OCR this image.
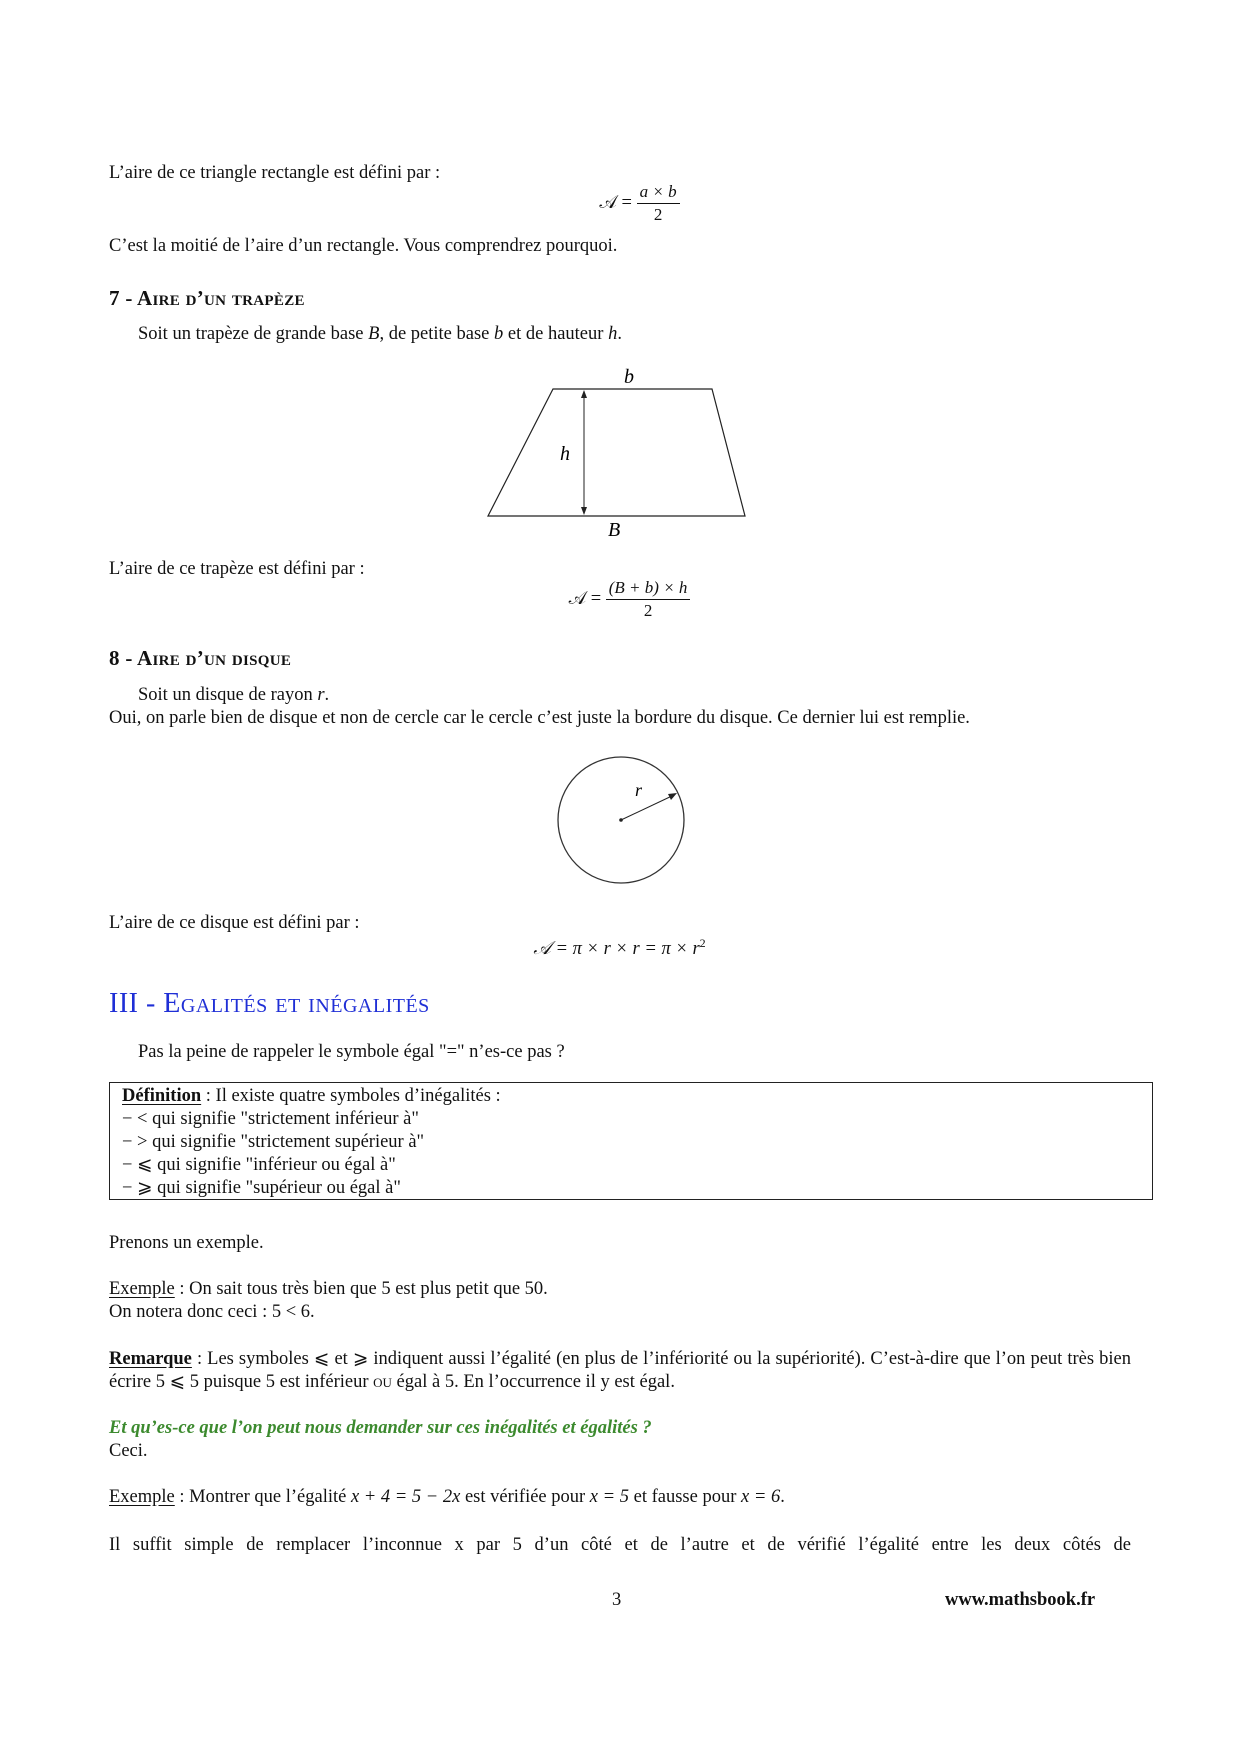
L’aire de ce triangle rectangle est défini par :
𝒜 = $\frac{a \times b}{2}$
C’est la moitié de l’aire d’un rectangle. Vous comprendrez pourquoi.
7 - Aire d’un trapèze
Soit un trapèze de grande base B, de petite base b et de hauteur h.
b
h
B
r
L’aire de ce trapèze est défini par :
𝒜 = $\frac{(B + b) \times h}{2}$
8 - Aire d’un disque
Soit un disque de rayon r.
Oui, on parle bien de disque et non de cercle car le cercle c’est juste la bordure du disque. Ce dernier lui est remplie.
L’aire de ce disque est défini par :
𝒜 = $\pi \times r \times r = \pi \times r^2$
III - Egalités et inégalités
Pas la peine de rappeler le symbole égal "=" n’es-ce pas ?
Définition : Il existe quatre symboles d’inégalités :
− < qui signifie "strictement inférieur à"
− > qui signifie "strictement supérieur à"
− ⩽ qui signifie "inférieur ou égal à"
− ⩾ qui signifie "supérieur ou égal à"
Prenons un exemple.
Exemple : On sait tous très bien que 5 est plus petit que 50.
On notera donc ceci : 5 < 6.
Remarque : Les symboles ⩽ et ⩾ indiquent aussi l’égalité (en plus de l’infériorité ou la supériorité). C’est-à-dire que l’on peut très bien écrire 5 ⩽ 5 puisque 5 est inférieur ou égal à 5. En l’occurrence il y est égal.
Et qu’es-ce que l’on peut nous demander sur ces inégalités et égalités ?
Ceci.
Exemple : Montrer que l’égalité x + 4 = 5 − 2x est vérifiée pour x = 5 et fausse pour x = 6.
Il suffit simple de remplacer l’inconnue x par 5 d’un côté et de l’autre et de vérifié l’égalité entre les deux côtés de
3	www.mathsbook.fr
